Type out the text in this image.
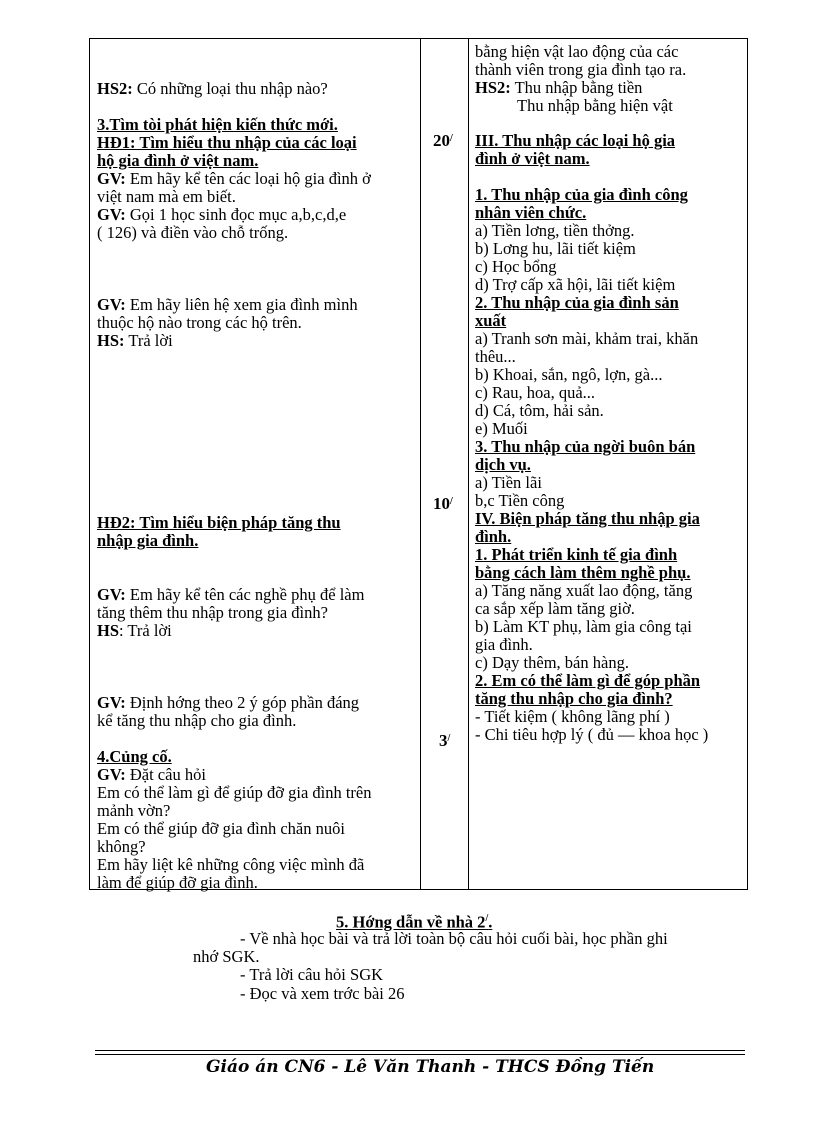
HS2: Có những loại thu nhập nào?
3.Tìm tòi phát hiện kiến thức mới.
HĐ1: Tìm hiểu thu nhập của các loại
hộ gia đình ở việt nam.
GV: Em hãy kể tên các loại hộ gia đình ở
việt nam mà em biết.
GV: Gọi 1 học sinh đọc mục a,b,c,d,e
( 126) và điền vào chỗ trống.
GV: Em hãy liên hệ xem gia đình mình
thuộc hộ nào trong các hộ trên.
HS: Trả lời
HĐ2: Tìm hiểu biện pháp tăng thu
nhập gia đình.
GV: Em hãy kể tên các nghề phụ để làm
tăng thêm thu nhập trong gia đình?
HS: Trả lời
GV: Định hớng theo 2 ý góp phần đáng
kể tăng thu nhập cho gia đình.
4.Củng cố.
GV: Đặt câu hỏi
Em có thể làm gì để giúp đỡ gia đình trên
mảnh vờn?
Em có thể giúp đỡ gia đình chăn nuôi
không?
Em hãy liệt kê những công việc mình đã
làm để giúp đỡ gia đình.
20/
10/
3/
bằng hiện vật lao động của các
thành viên trong gia đình tạo ra.
HS2: Thu nhập bằng tiền
Thu nhập bằng hiện vật
III. Thu nhập các loại hộ gia
đình ở việt nam.
1. Thu nhập của gia đình công
nhân viên chức.
a) Tiền lơng, tiền thởng.
b) Lơng hu, lãi tiết kiệm
c) Học bổng
d) Trợ cấp xã hội, lãi tiết kiệm
2. Thu nhập của gia đình sản
xuất
a) Tranh sơn mài, khảm trai, khăn
thêu...
b) Khoai, sắn, ngô, lợn, gà...
c) Rau, hoa, quả...
d) Cá, tôm, hải sản.
e) Muối
3. Thu nhập của ngời buôn bán
dịch vụ.
a) Tiền lãi
b,c Tiền công
IV. Biện pháp tăng thu nhập gia
đình.
1. Phát triển kinh tế gia đình
bằng cách làm thêm nghề phụ.
a) Tăng năng xuất lao động, tăng
ca sắp xếp làm tăng giờ.
b) Làm KT phụ, làm gia công tại
gia đình.
c) Dạy thêm, bán hàng.
2. Em có thể làm gì để góp phần
tăng thu nhập cho gia đình?
- Tiết kiệm ( không lãng phí )
- Chi tiêu hợp lý ( đủ — khoa học )
5. Hớng dẫn về nhà 2/.
- Về nhà học bài và trả lời toàn bộ câu hỏi cuối bài, học phần ghi
nhớ SGK.
- Trả lời câu hỏi SGK
- Đọc và xem trớc bài 26
Giáo án CN6 - Lê Văn Thanh - THCS Đồng Tiến
